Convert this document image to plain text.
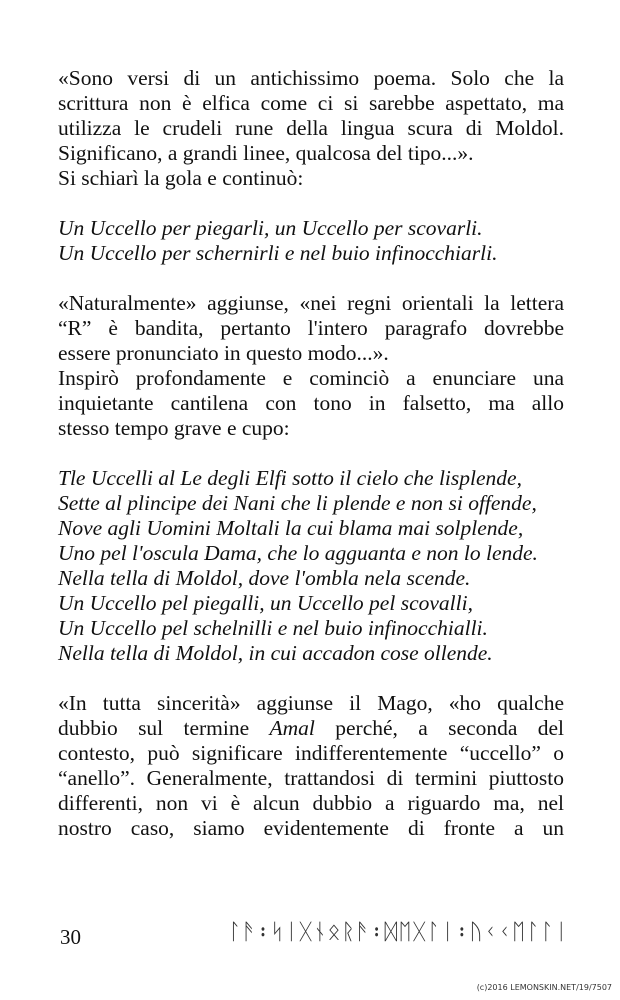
«Sono versi di un antichissimo poema. Solo che la
scrittura non è elfica come ci si sarebbe aspettato, ma
utilizza le crudeli rune della lingua scura di Moldol.
Significano, a grandi linee, qualcosa del tipo...».
Si schiarì la gola e continuò:

Un Uccello per piegarli, un Uccello per scovarli.
Un Uccello per schernirli e nel buio infinocchiarli.

«Naturalmente» aggiunse, «nei regni orientali la lettera
“R” è bandita, pertanto l'intero paragrafo dovrebbe
essere pronunciato in questo modo...».
Inspirò profondamente e cominciò a enunciare una
inquietante cantilena con tono in falsetto, ma allo
stesso tempo grave e cupo:

Tle Uccelli al Le degli Elfi sotto il cielo che lisplende,
Sette al plincipe dei Nani che li plende e non si offende,
Nove agli Uomini Moltali la cui blama mai solplende,
Uno pel l'oscula Dama, che lo agguanta e non lo lende.
Nella tella di Moldol, dove l'ombla nela scende.
Un Uccello pel piegalli, un Uccello pel scovalli,
Un Uccello pel schelnilli e nel buio infinocchialli.
Nella tella di Moldol, in cui accadon cose ollende.

«In tutta sincerità» aggiunse il Mago, «ho qualche
dubbio sul termine Amal perché, a seconda del
contesto, può significare indifferentemente “uccello” o
“anello”. Generalmente, trattandosi di termini piuttosto
differenti, non vi è alcun dubbio a riguardo ma, nel
nostro caso, siamo evidentemente di fronte a un

30	ᛚᚫ᛬ᛋᛁᚷᚾᛟᚱᚫ᛬ᛞᛖᚷᛚᛁ᛬ᚢᚲᚲᛖᛚᛚᛁ
(c)2016 LEMONSKIN.NET/19/7507
